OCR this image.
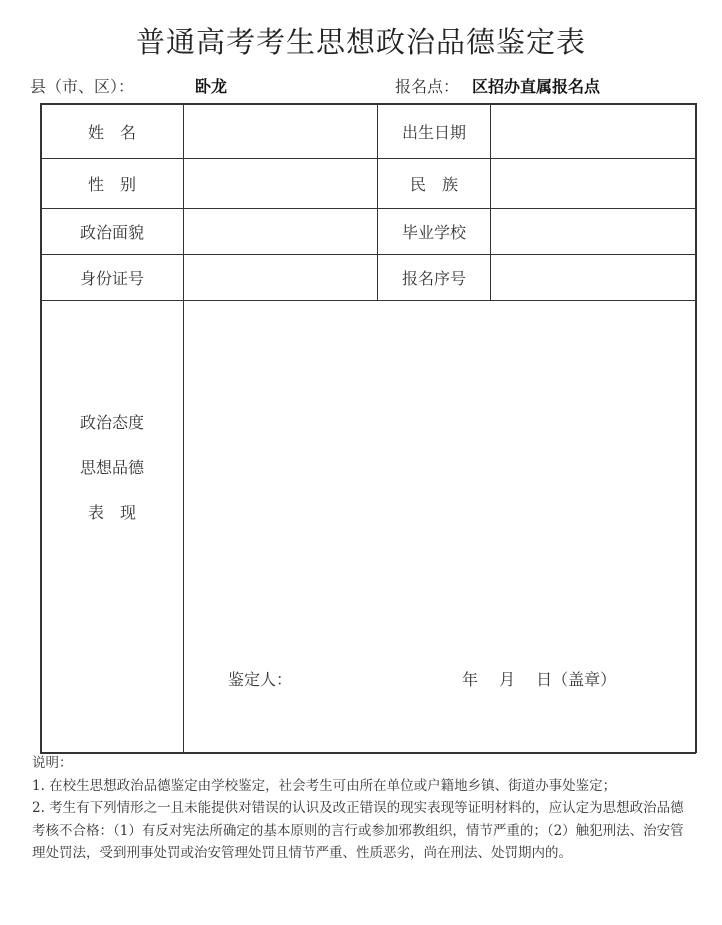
普通高考考生思想政治品德鉴定表
县（市、区）：	卧龙	报名点： 区招办直属报名点
姓　名	出生日期
性　别	民　族
政治面貌	毕业学校
身份证号	报名序号
政治态度
思想品德
表　现
鉴定人：	年　 月　 日（盖章）

说明：

1. 在校生思想政治品德鉴定由学校鉴定，社会考生可由所在单位或户籍地乡镇、街道办事处鉴定；

2. 考生有下列情形之一且未能提供对错误的认识及改正错误的现实表现等证明材料的，应认定为思想政治品德考核不合格：（1）有反对宪法所确定的基本原则的言行或参加邪教组织，情节严重的；（2）触犯刑法、治安管理处罚法，受到刑事处罚或治安管理处罚且情节严重、性质恶劣，尚在刑法、处罚期内的。
